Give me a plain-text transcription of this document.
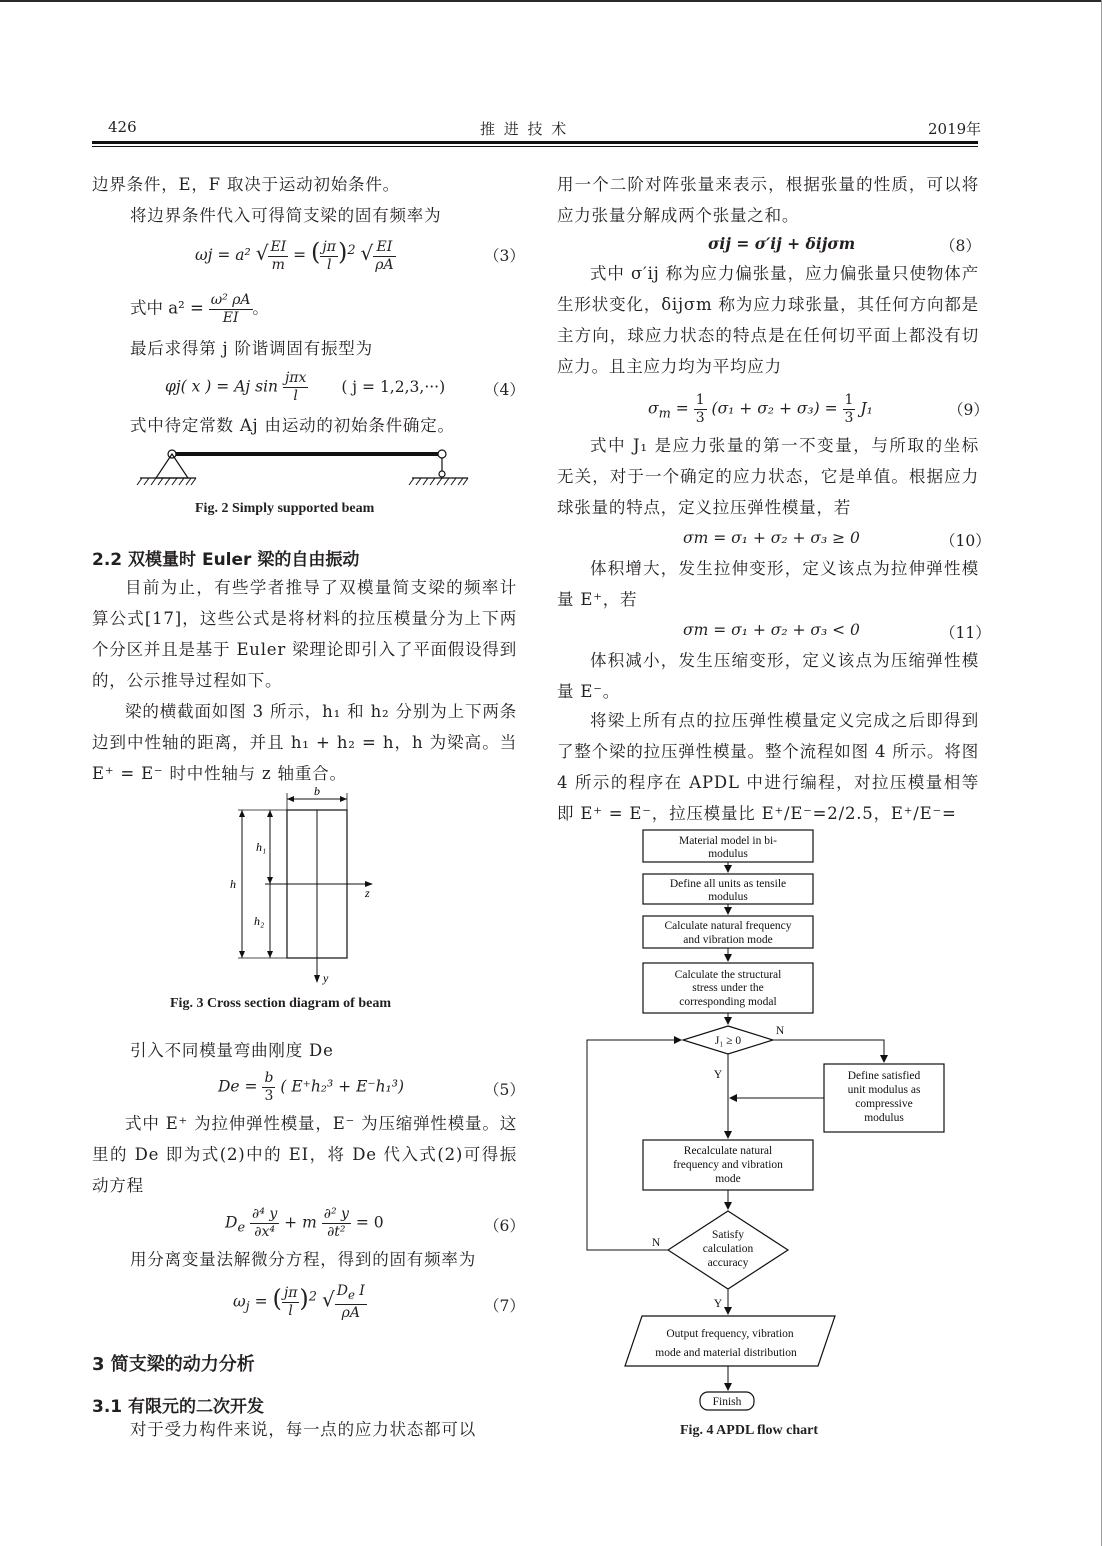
426	推 进 技 术	2019年
边界条件，E，F 取决于运动初始条件。
将边界条件代入可得简支梁的固有频率为
ωj = a² √ $\frac{EI}{m}$ = ( $\frac{j\pi}{l} )^2$ √ $\frac{EI}{\rho A}$	（3）
式中 $a^2 = \frac{\text{ω² ρA}}{EI}$ 。
最后求得第 j 阶谐调固有振型为
φj( x ) = Aj $\sin \frac{\text{jπx}}{l}$ ( j = 1,2,3,···)	（4）
式中待定常数 Aj 由运动的初始条件确定。
Fig. 2 Simply supported beam
2.2 双模量时 Euler 梁的自由振动
目前为止，有些学者推导了双模量简支梁的频率计算公式[17]，这些公式是将材料的拉压模量分为上下两个分区并且是基于 Euler 梁理论即引入了平面假设得到的，公示推导过程如下。
梁的横截面如图 3 所示，h₁ 和 h₂ 分别为上下两条边到中性轴的距离，并且 h₁ + h₂ = h，h 为梁高。当 E⁺ = E⁻ 时中性轴与 z 轴重合。
b
h
h₁
h₂
z
y
Fig. 3 Cross section diagram of beam
引入不同模量弯曲刚度 De
$De = \frac{b}{3}$ ( E⁺h₂³ + E⁻h₁³)	（5）
式中 E⁺ 为拉伸弹性模量，E⁻ 为压缩弹性模量。这里的 De 即为式(2)中的 EI，将 De 代入式(2)可得振动方程
$D_e \frac{\text{∂⁴ y}}{\text{∂x⁴}} + m \frac{\text{∂² y}}{\text{∂t²}} = 0$	（6）
用分离变量法解微分方程，得到的固有频率为
$\omega_j$ = ( $\frac{j\pi}{l} )^2$ √ $\frac{D_e I}{\rho A}$	（7）
3 简支梁的动力分析
3.1 有限元的二次开发
对于受力构件来说，每一点的应力状态都可以
用一个二阶对阵张量来表示，根据张量的性质，可以将应力张量分解成两个张量之和。
σij = σ′ij + δijσm	（8）
式中 σ′ij 称为应力偏张量，应力偏张量只使物体产生形状变化，δijσm 称为应力球张量，其任何方向都是主方向，球应力状态的特点是在任何切平面上都没有切应力。且主应力均为平均应力
$\sigma_m = \frac{1}{3} (\sigma_1 + \sigma_2 + \sigma_3) = \frac{1}{3} J_1$	（9）
式中 J₁ 是应力张量的第一不变量，与所取的坐标无关，对于一个确定的应力状态，它是单值。根据应力球张量的特点，定义拉压弹性模量，若
σm = σ₁ + σ₂ + σ₃ ≥ 0	（10）
体积增大，发生拉伸变形，定义该点为拉伸弹性模量 E⁺，若
σm = σ₁ + σ₂ + σ₃ < 0	（11）
体积减小，发生压缩变形，定义该点为压缩弹性模量 E⁻。
将梁上所有点的拉压弹性模量定义完成之后即得到了整个梁的拉压弹性模量。整个流程如图 4 所示。将图 4 所示的程序在 APDL 中进行编程，对拉压模量相等即 E⁺ = E⁻，拉压模量比 E⁺/E⁻=2/2.5，E⁺/E⁻=
Material model in bi-
modulus
Define all units as tensile
modulus
Calculate natural frequency
and vibration mode
Calculate the structural
stress under the
corresponding modal
J₁ ≥ 0
N
Y	Define satisfied
unit modulus as
compressive
modulus
Recalculate natural
frequency and vibration
mode
Satisfy
calculation
accuracy
N
Y
Output frequency, vibration
mode and material distribution
Finish
Fig. 4 APDL flow chart
